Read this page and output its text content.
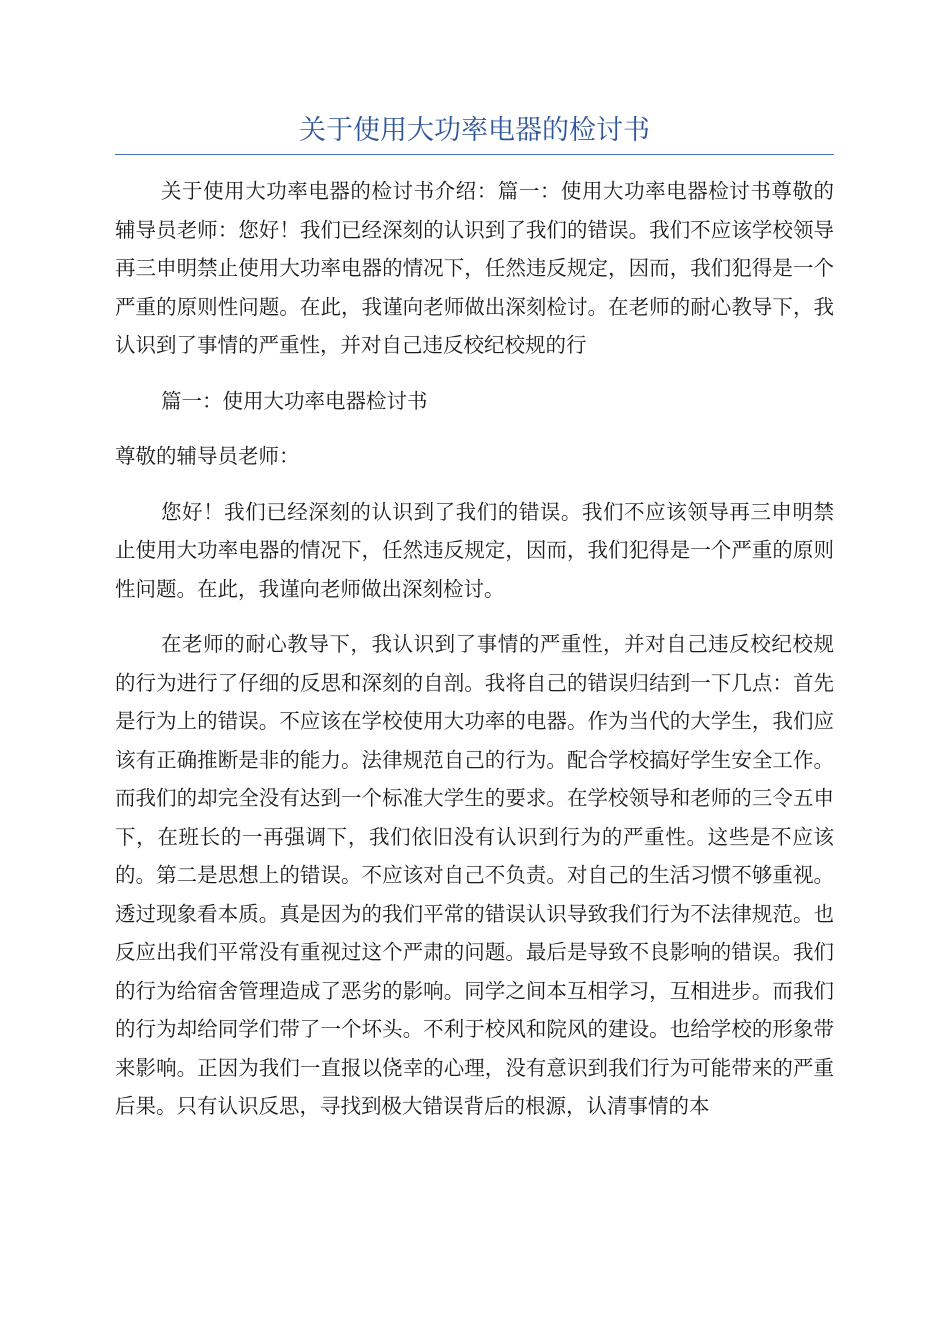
关于使用大功率电器的检讨书

关于使用大功率电器的检讨书介绍：篇一：使用大功率电器检讨书尊敬的辅导员老师：您好！我们已经深刻的认识到了我们的错误。我们不应该学校领导再三申明禁止使用大功率电器的情况下，任然违反规定，因而，我们犯得是一个严重的原则性问题。在此，我谨向老师做出深刻检讨。在老师的耐心教导下，我认识到了事情的严重性，并对自己违反校纪校规的行

篇一：使用大功率电器检讨书

尊敬的辅导员老师：

您好！我们已经深刻的认识到了我们的错误。我们不应该领导再三申明禁止使用大功率电器的情况下，任然违反规定，因而，我们犯得是一个严重的原则性问题。在此，我谨向老师做出深刻检讨。

在老师的耐心教导下，我认识到了事情的严重性，并对自己违反校纪校规的行为进行了仔细的反思和深刻的自剖。我将自己的错误归结到一下几点：首先是行为上的错误。不应该在学校使用大功率的电器。作为当代的大学生，我们应该有正确推断是非的能力。法律规范自己的行为。配合学校搞好学生安全工作。而我们的却完全没有达到一个标准大学生的要求。在学校领导和老师的三令五申下，在班长的一再强调下，我们依旧没有认识到行为的严重性。这些是不应该的。第二是思想上的错误。不应该对自己不负责。对自己的生活习惯不够重视。透过现象看本质。真是因为的我们平常的错误认识导致我们行为不法律规范。也反应出我们平常没有重视过这个严肃的问题。最后是导致不良影响的错误。我们的行为给宿舍管理造成了恶劣的影响。同学之间本互相学习，互相进步。而我们的行为却给同学们带了一个坏头。不利于校风和院风的建设。也给学校的形象带来影响。正因为我们一直报以侥幸的心理，没有意识到我们行为可能带来的严重后果。只有认识反思，寻找到极大错误背后的根源，认清事情的本
